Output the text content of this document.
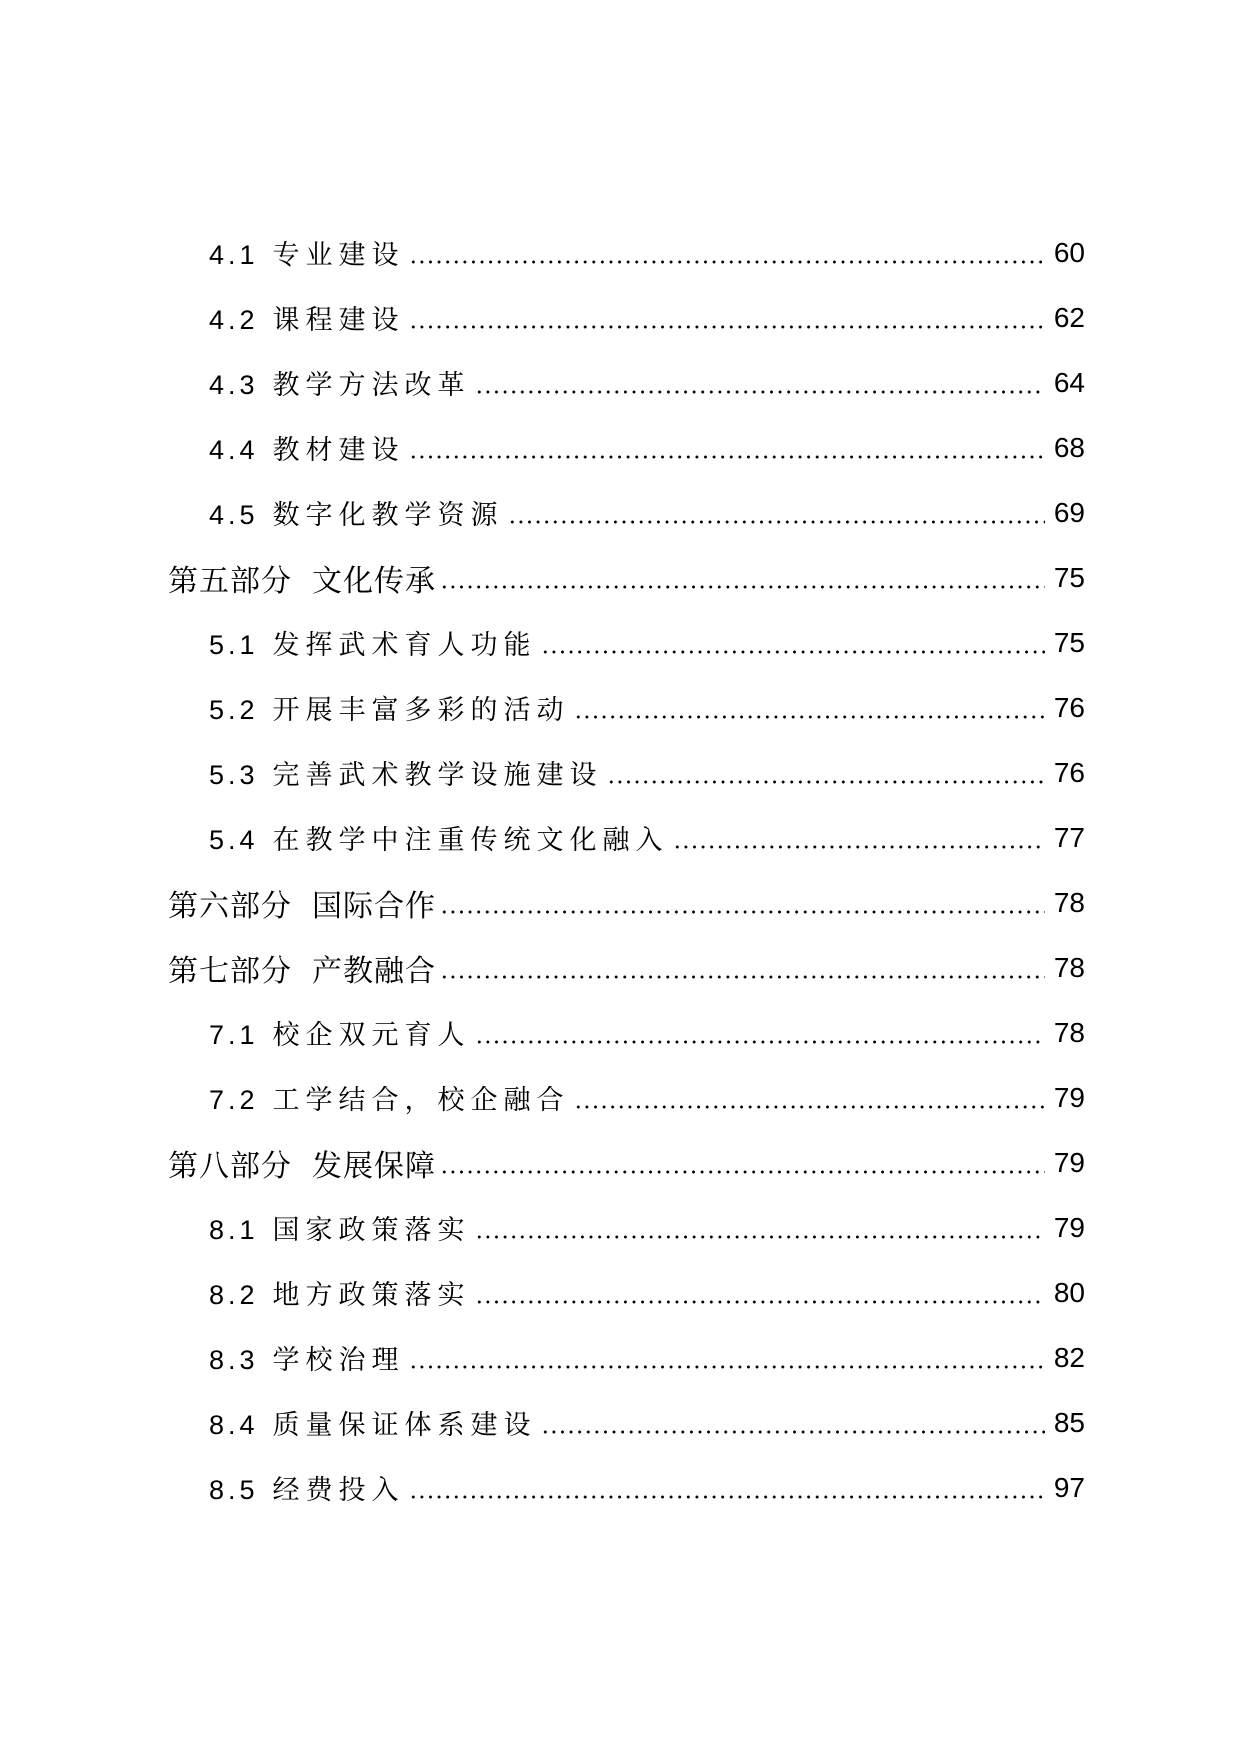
4.1 专业建设	60
4.2 课程建设	62
4.3 教学方法改革	64
4.4 教材建设	68
4.5 数字化教学资源	69
第五部分 文化传承	75
5.1 发挥武术育人功能	75
5.2 开展丰富多彩的活动	76
5.3 完善武术教学设施建设	76
5.4 在教学中注重传统文化融入	77
第六部分 国际合作	78
第七部分 产教融合	78
7.1 校企双元育人	78
7.2 工学结合，校企融合	79
第八部分 发展保障	79
8.1 国家政策落实	79
8.2 地方政策落实	80
8.3 学校治理	82
8.4 质量保证体系建设	85
8.5 经费投入	97
